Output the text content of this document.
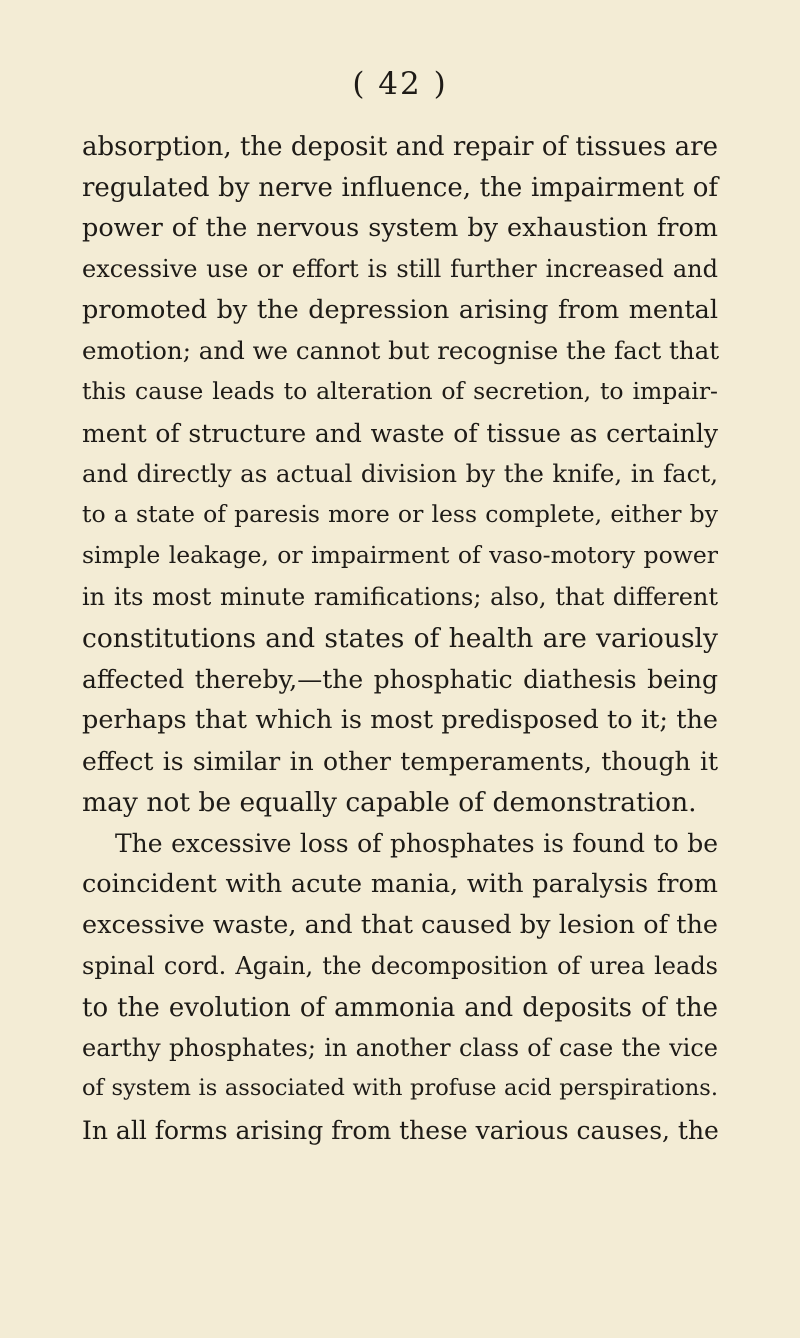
( 42 )
absorption, the deposit and repair of tissues are
regulated by nerve influence, the impairment of
power of the nervous system by exhaustion from
excessive use or effort is still further increased and
promoted by the depression arising from mental
emotion; and we cannot but recognise the fact that
this cause leads to alteration of secretion, to impair-
ment of structure and waste of tissue as certainly
and directly as actual division by the knife, in fact,
to a state of paresis more or less complete, either by
simple leakage, or impairment of vaso-motory power
in its most minute ramifications; also, that different
constitutions and states of health are variously
affected thereby,—the phosphatic diathesis being
perhaps that which is most predisposed to it; the
effect is similar in other temperaments, though it
may not be equally capable of demonstration.
The excessive loss of phosphates is found to be
coincident with acute mania, with paralysis from
excessive waste, and that caused by lesion of the
spinal cord. Again, the decomposition of urea leads
to the evolution of ammonia and deposits of the
earthy phosphates; in another class of case the vice
of system is associated with profuse acid perspirations.
In all forms arising from these various causes, the
